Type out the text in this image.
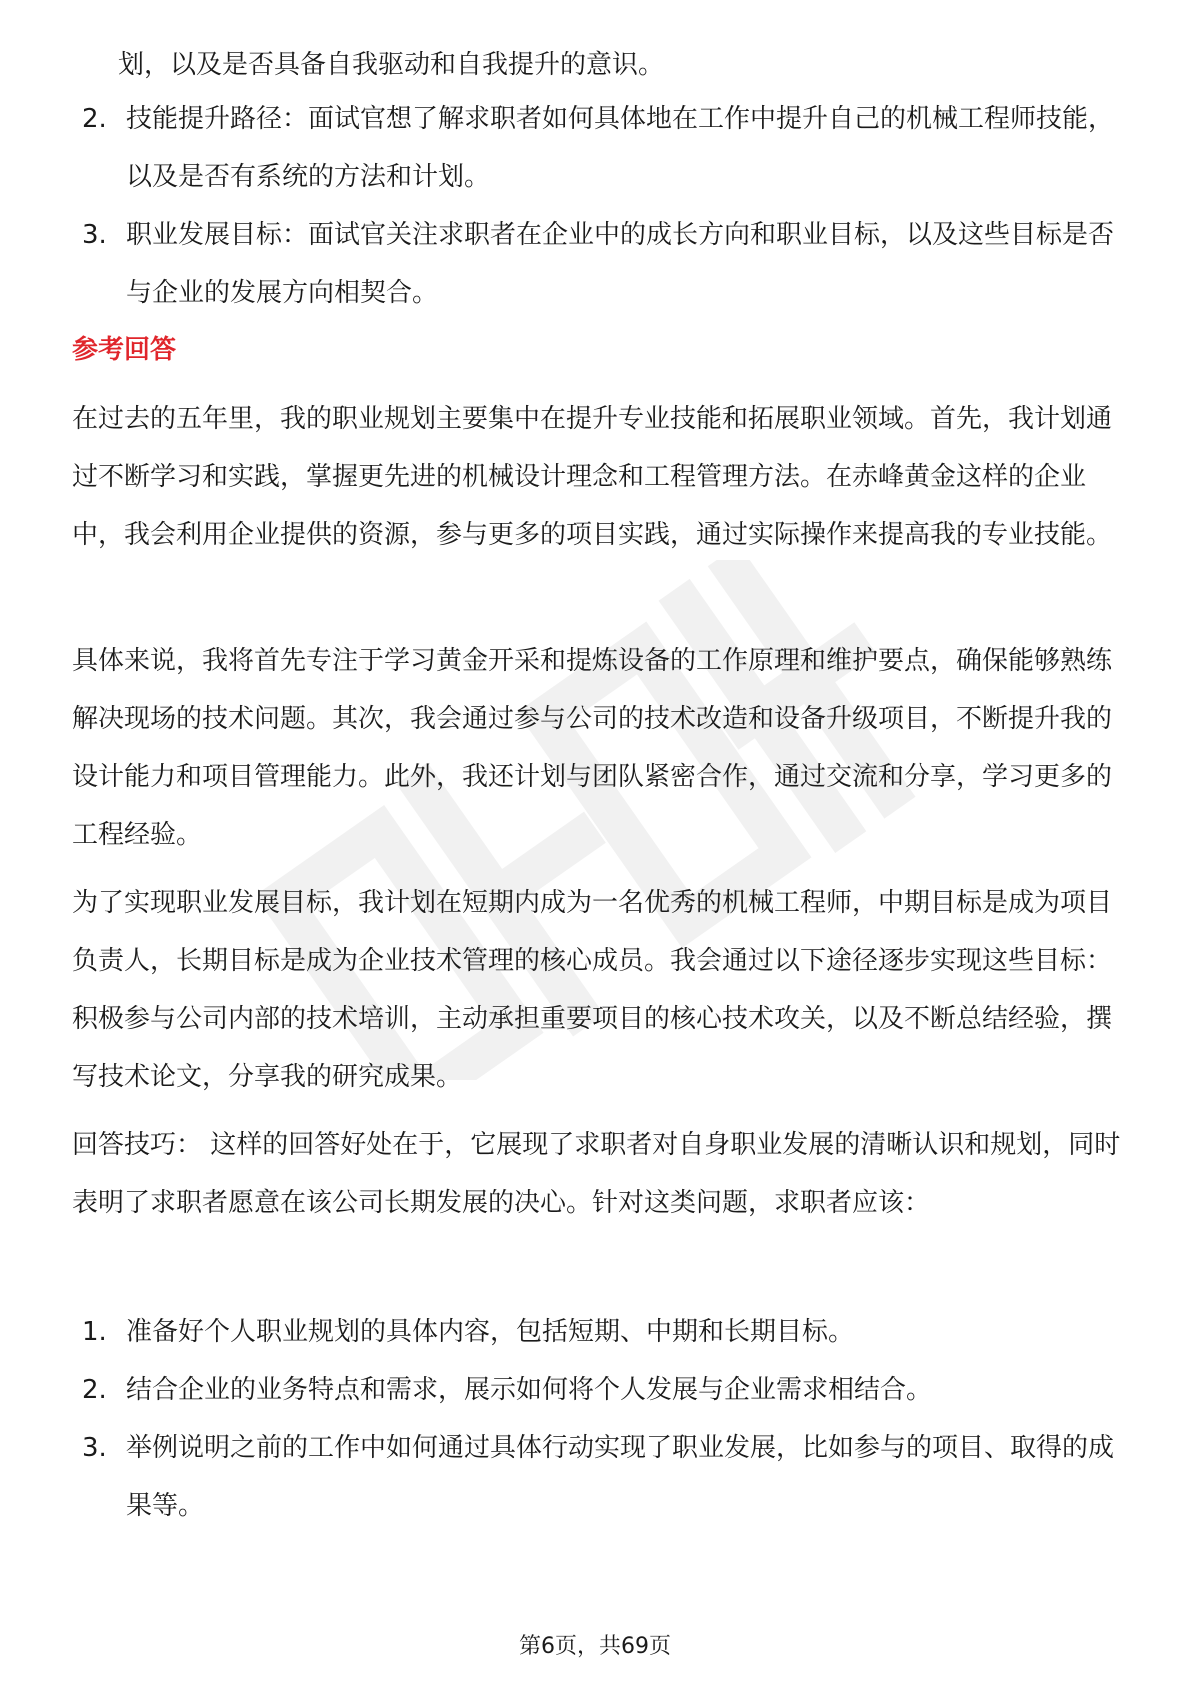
划，以及是否具备自我驱动和自我提升的意识。

2. 技能提升路径：面试官想了解求职者如何具体地在工作中提升自己的机械工程师技能，以及是否有系统的方法和计划。
3. 职业发展目标：面试官关注求职者在企业中的成长方向和职业目标，以及这些目标是否与企业的发展方向相契合。
参考回答

在过去的五年里，我的职业规划主要集中在提升专业技能和拓展职业领域。首先，我计划通过不断学习和实践，掌握更先进的机械设计理念和工程管理方法。在赤峰黄金这样的企业中，我会利用企业提供的资源，参与更多的项目实践，通过实际操作来提高我的专业技能。

具体来说，我将首先专注于学习黄金开采和提炼设备的工作原理和维护要点，确保能够熟练解决现场的技术问题。其次，我会通过参与公司的技术改造和设备升级项目，不断提升我的设计能力和项目管理能力。此外，我还计划与团队紧密合作，通过交流和分享，学习更多的工程经验。

为了实现职业发展目标，我计划在短期内成为一名优秀的机械工程师，中期目标是成为项目负责人，长期目标是成为企业技术管理的核心成员。我会通过以下途径逐步实现这些目标：积极参与公司内部的技术培训，主动承担重要项目的核心技术攻关，以及不断总结经验，撰写技术论文，分享我的研究成果。

回答技巧： 这样的回答好处在于，它展现了求职者对自身职业发展的清晰认识和规划，同时表明了求职者愿意在该公司长期发展的决心。针对这类问题，求职者应该：

1. 准备好个人职业规划的具体内容，包括短期、中期和长期目标。
2. 结合企业的业务特点和需求，展示如何将个人发展与企业需求相结合。
3. 举例说明之前的工作中如何通过具体行动实现了职业发展，比如参与的项目、取得的成果等。
第6页，共69页
